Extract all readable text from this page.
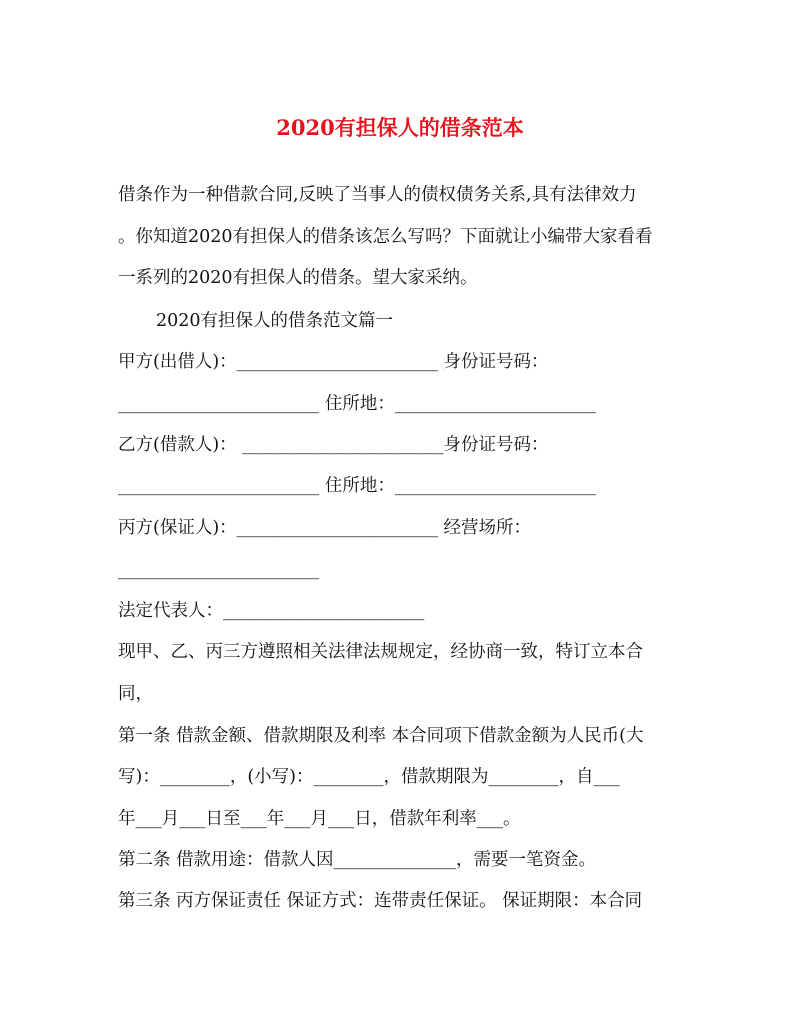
2020有担保人的借条范本
借条作为一种借款合同,反映了当事人的债权债务关系,具有法律效力
。你知道2020有担保人的借条该怎么写吗？下面就让小编带大家看看
一系列的2020有担保人的借条。望大家采纳。
2020有担保人的借条范文篇一
甲方(出借人)：_______________________ 身份证号码：
_______________________ 住所地：_______________________
乙方(借款人)： _______________________身份证号码：
_______________________ 住所地：_______________________
丙方(保证人)：_______________________ 经营场所：
_______________________
法定代表人：_______________________
现甲、乙、丙三方遵照相关法律法规规定，经协商一致，特订立本合
同，
第一条 借款金额、借款期限及利率 本合同项下借款金额为人民币(大
写)：________，(小写)：________，借款期限为________，自___
年___月___日至___年___月___日，借款年利率___。
第二条 借款用途：借款人因______________，需要一笔资金。
第三条 丙方保证责任 保证方式：连带责任保证。 保证期限：本合同
